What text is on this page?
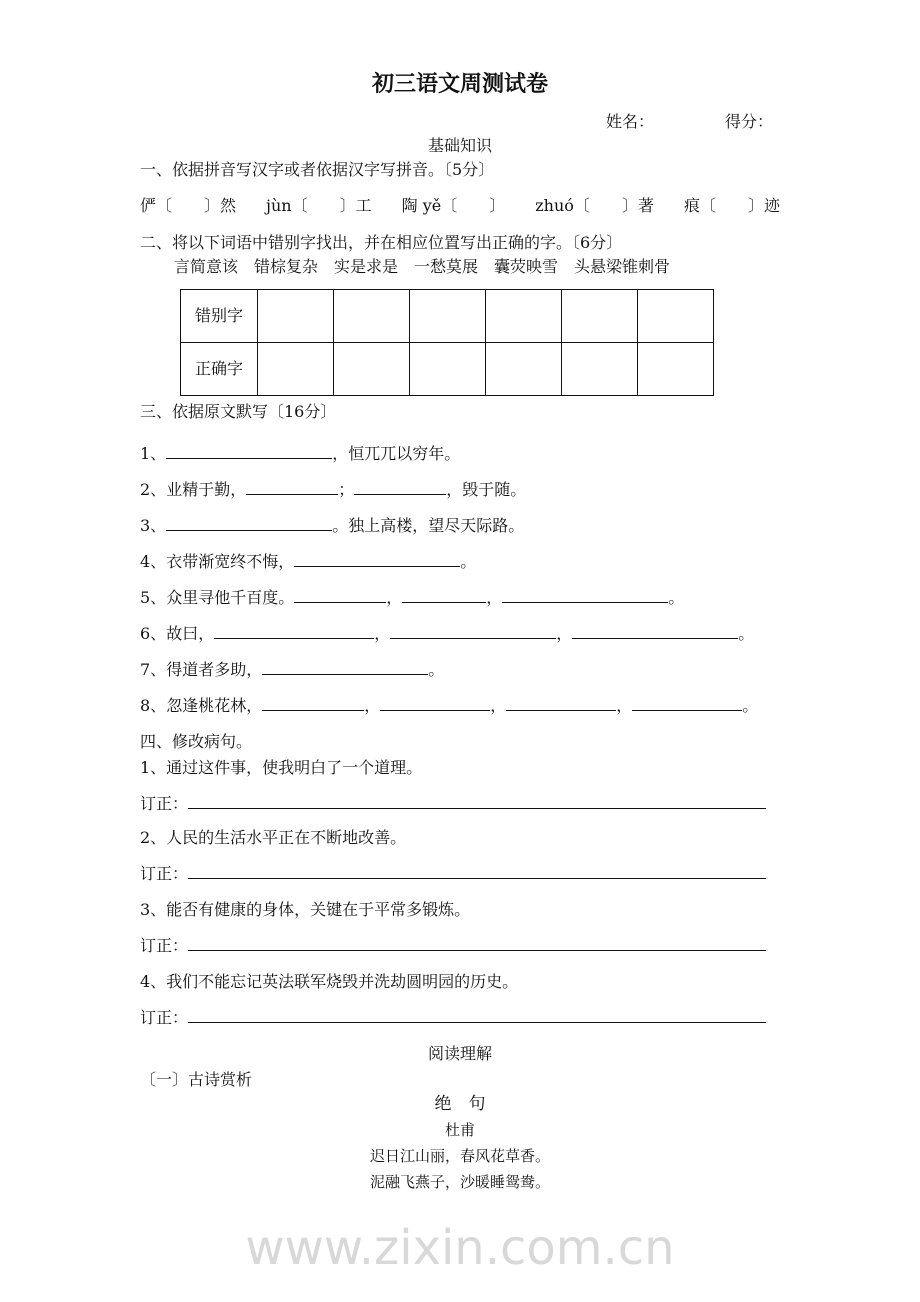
初三语文周测试卷
姓名：	得分：
基础知识
一、依据拼音写汉字或者依据汉字写拼音。〔5分〕
俨〔   〕然 jùn〔   〕工 陶 yě〔   〕 zhuó〔   〕著 痕〔   〕迹
二、将以下词语中错别字找出，并在相应位置写出正确的字。〔6分〕
言简意该　错棕复杂　实是求是　一愁莫展　囊荧映雪　头悬梁锥刺骨
错别字						
正确字						
三、依据原文默写〔16分〕
1、	，恒兀兀以穷年。
2、业精于勤，	；	，毁于随。
3、	。独上高楼，望尽天际路。
4、衣带渐宽终不悔，	。
5、众里寻他千百度。	，	，	。
6、故曰，	，	，	。
7、得道者多助，	。
8、忽逢桃花林，	，	，	，	。
四、修改病句。
1、通过这件事，使我明白了一个道理。
订正：
2、人民的生活水平正在不断地改善。
订正：
3、能否有健康的身体，关键在于平常多锻炼。
订正：
4、我们不能忘记英法联军烧毁并洗劫圆明园的历史。
订正：
阅读理解
〔一〕古诗赏析
绝　句
杜甫
迟日江山丽，春风花草香。
泥融飞燕子，沙暖睡鸳鸯。
www.zixin.com.cn
